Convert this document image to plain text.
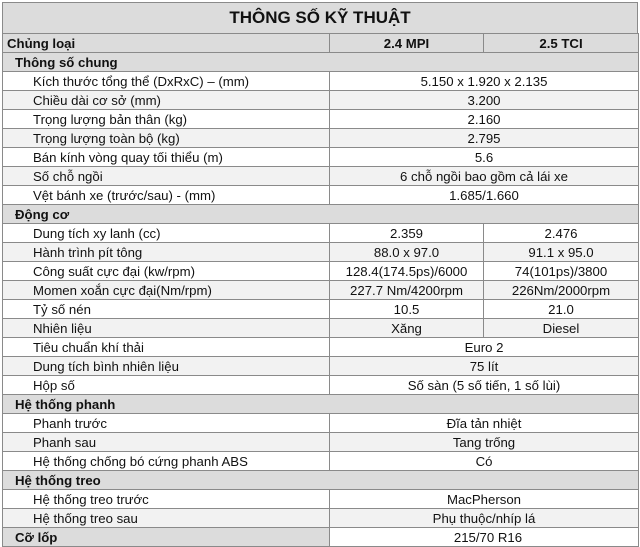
THÔNG SỐ KỸ THUẬT
Chủng loại	2.4 MPI	2.5 TCI
Thông số chung		
Kích thước tổng thể (DxRxC) – (mm)	5.150 x 1.920 x 2.135	
Chiều dài cơ sở (mm)	3.200	
Trọng lượng bản thân (kg)	2.160	
Trọng lượng toàn bộ (kg)	2.795	
Bán kính vòng quay tối thiểu (m)	5.6	
Số chỗ ngồi	6 chỗ ngồi bao gồm cả lái xe	
Vệt bánh xe (trước/sau) - (mm)	1.685/1.660	
Động cơ		
Dung tích xy lanh (cc)	2.359	2.476
Hành trình pít tông	88.0 x 97.0	91.1 x 95.0
Công suất cực đại (kw/rpm)	128.4(174.5ps)/6000	74(101ps)/3800
Momen xoắn cực đại(Nm/rpm)	227.7 Nm/4200rpm	226Nm/2000rpm
Tỷ số nén	10.5	21.0
Nhiên liệu	Xăng	Diesel
Tiêu chuẩn khí thải	Euro 2	
Dung tích bình nhiên liệu	75 lít	
Hộp số	Số sàn (5 số tiến, 1 số lùi)	
Hệ thống phanh		
Phanh trước	Đĩa tản nhiệt	
Phanh sau	Tang trống	
Hệ thống chống bó cứng phanh ABS	Có	
Hệ thống treo		
Hệ thống treo trước	MacPherson	
Hệ thống treo sau	Phụ thuộc/nhíp lá	
Cỡ lốp	215/70 R16	
